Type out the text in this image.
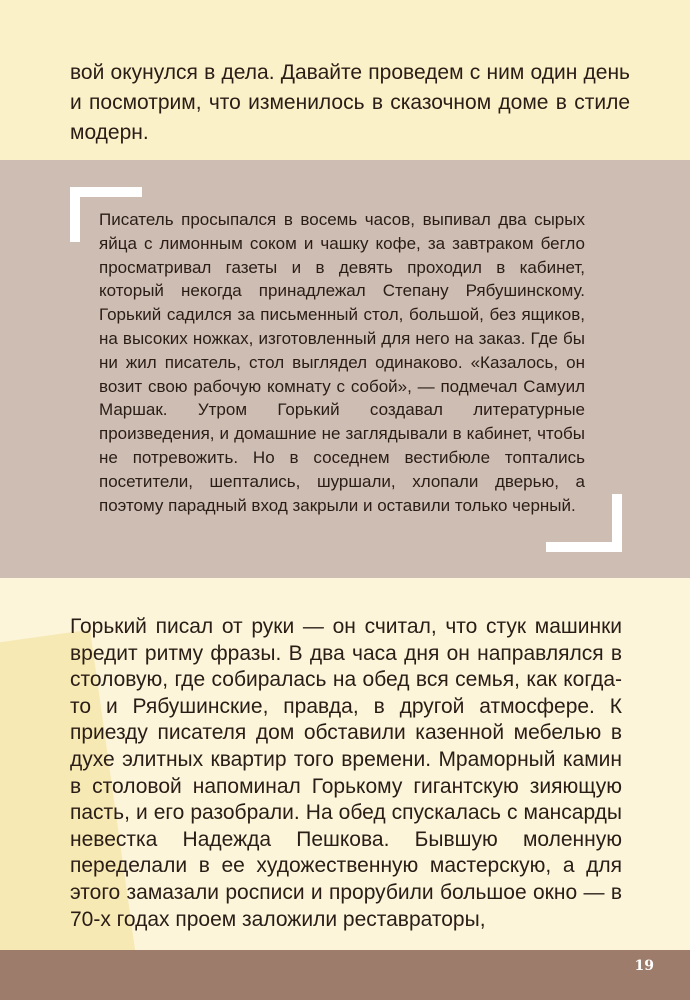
вой окунулся в дела. Давайте проведем с ним один день и посмотрим, что изменилось в сказочном доме в стиле модерн.

Писатель просыпался в восемь часов, выпивал два сырых яйца с лимонным соком и чашку кофе, за завтраком бегло просматривал газеты и в девять проходил в кабинет, который некогда принадлежал Степану Рябушинскому. Горький садился за письменный стол, большой, без ящиков, на высоких ножках, изготовленный для него на заказ. Где бы ни жил писатель, стол выглядел одинаково. «Казалось, он возит свою рабочую комнату с собой», — подмечал Самуил Маршак. Утром Горький создавал литературные произведения, и домашние не заглядывали в кабинет, чтобы не потревожить. Но в соседнем вестибюле топтались посетители, шептались, шуршали, хлопали дверью, а поэтому парадный вход закрыли и оставили только черный.

Горький писал от руки — он считал, что стук машинки вредит ритму фразы. В два часа дня он направлялся в столовую, где собиралась на обед вся семья, как когда-то и Рябушинские, правда, в другой атмосфере. К приезду писателя дом обставили казенной мебелью в духе элитных квартир того времени. Мраморный камин в столовой напоминал Горькому гигантскую зияющую пасть, и его разобрали. На обед спускалась с мансарды невестка Надежда Пешкова. Бывшую моленную переделали в ее художественную мастерскую, а для этого замазали росписи и прорубили большое окно — в 70-х годах проем заложили реставраторы,

19
